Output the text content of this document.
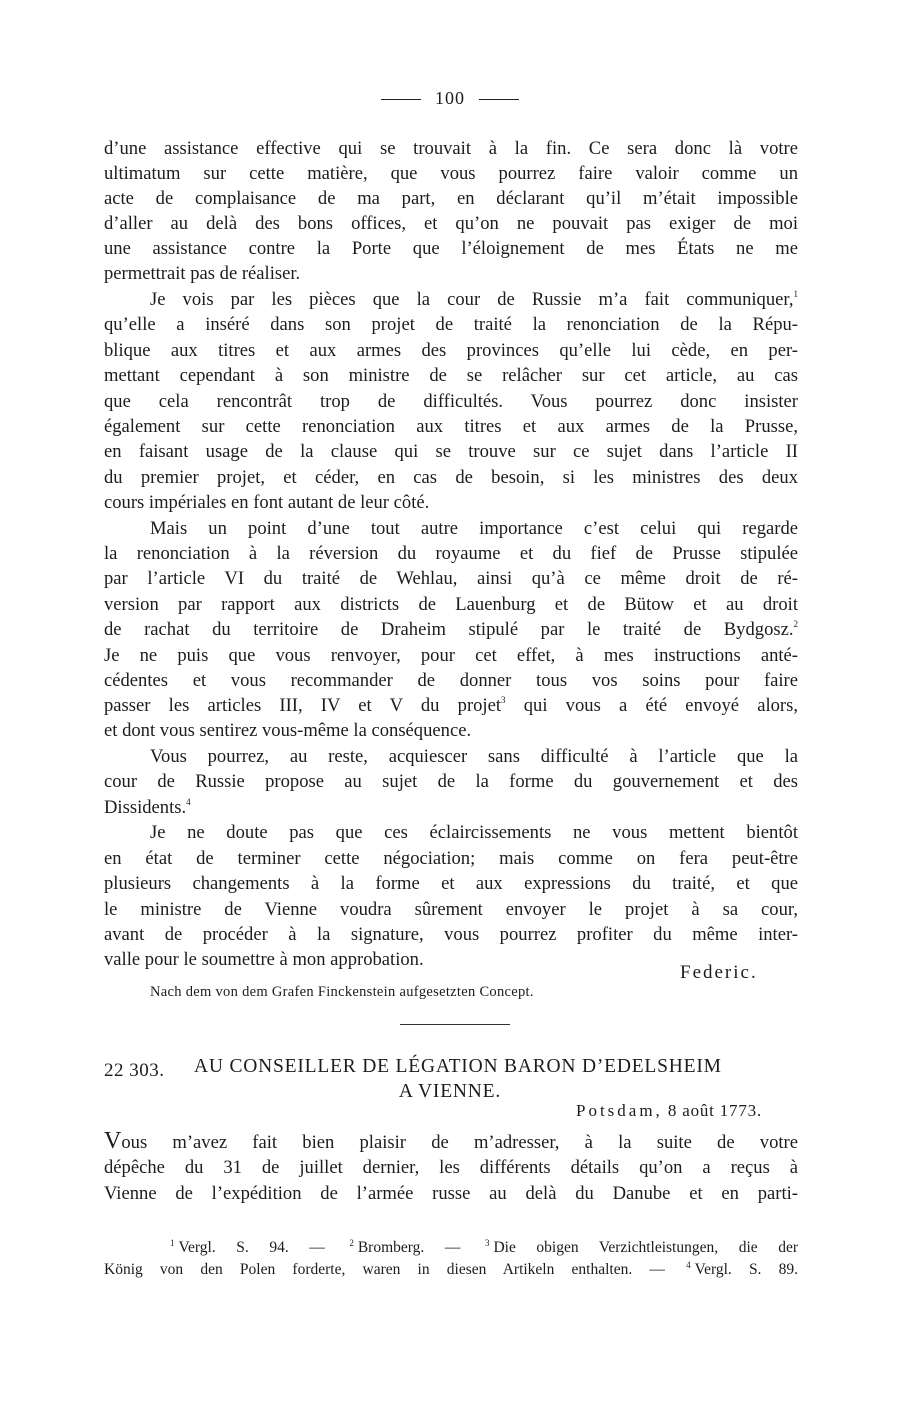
100
d’une assistance effective qui se trouvait à la fin. Ce sera donc là votre
ultimatum sur cette matière, que vous pourrez faire valoir comme un
acte de complaisance de ma part, en déclarant qu’il m’était impossible
d’aller au delà des bons offices, et qu’on ne pouvait pas exiger de moi
une assistance contre la Porte que l’éloignement de mes États ne me
permettrait pas de réaliser.
Je vois par les pièces que la cour de Russie m’a fait communiquer,$^1$
qu’elle a inséré dans son projet de traité la renonciation de la Répu-
blique aux titres et aux armes des provinces qu’elle lui cède, en per-
mettant cependant à son ministre de se relâcher sur cet article, au cas
que cela rencontrât trop de difficultés. Vous pourrez donc insister
également sur cette renonciation aux titres et aux armes de la Prusse,
en faisant usage de la clause qui se trouve sur ce sujet dans l’article II
du premier projet, et céder, en cas de besoin, si les ministres des deux
cours impériales en font autant de leur côté.
Mais un point d’une tout autre importance c’est celui qui regarde
la renonciation à la réversion du royaume et du fief de Prusse stipulée
par l’article VI du traité de Wehlau, ainsi qu’à ce même droit de ré-
version par rapport aux districts de Lauenburg et de Bütow et au droit
de rachat du territoire de Draheim stipulé par le traité de Bydgosz.$^2$
Je ne puis que vous renvoyer, pour cet effet, à mes instructions anté-
cédentes et vous recommander de donner tous vos soins pour faire
passer les articles III, IV et V du projet$^3$ qui vous a été envoyé alors,
et dont vous sentirez vous-même la conséquence.
Vous pourrez, au reste, acquiescer sans difficulté à l’article que la
cour de Russie propose au sujet de la forme du gouvernement et des
Dissidents.$^4$
Je ne doute pas que ces éclaircissements ne vous mettent bientôt
en état de terminer cette négociation; mais comme on fera peut-être
plusieurs changements à la forme et aux expressions du traité, et que
le ministre de Vienne voudra sûrement envoyer le projet à sa cour,
avant de procéder à la signature, vous pourrez profiter du même inter-
valle pour le soumettre à mon approbation.
Federic.
Nach dem von dem Grafen Finckenstein aufgesetzten Concept.
22 303. AU CONSEILLER DE LÉGATION BARON D’EDELSHEIM
A VIENNE.
Potsdam, 8 août 1773.
Vous m’avez fait bien plaisir de m’adresser, à la suite de votre
dépêche du 31 de juillet dernier, les différents détails qu’on a reçus à
Vienne de l’expédition de l’armée russe au delà du Danube et en parti-
$^1$ Vergl. S. 94. —	$^2$ Bromberg. —	$^3$ Die obigen Verzichtleistungen, die der
König von den Polen forderte, waren in diesen Artikeln enthalten. — $^4$ Vergl. S. 89.
